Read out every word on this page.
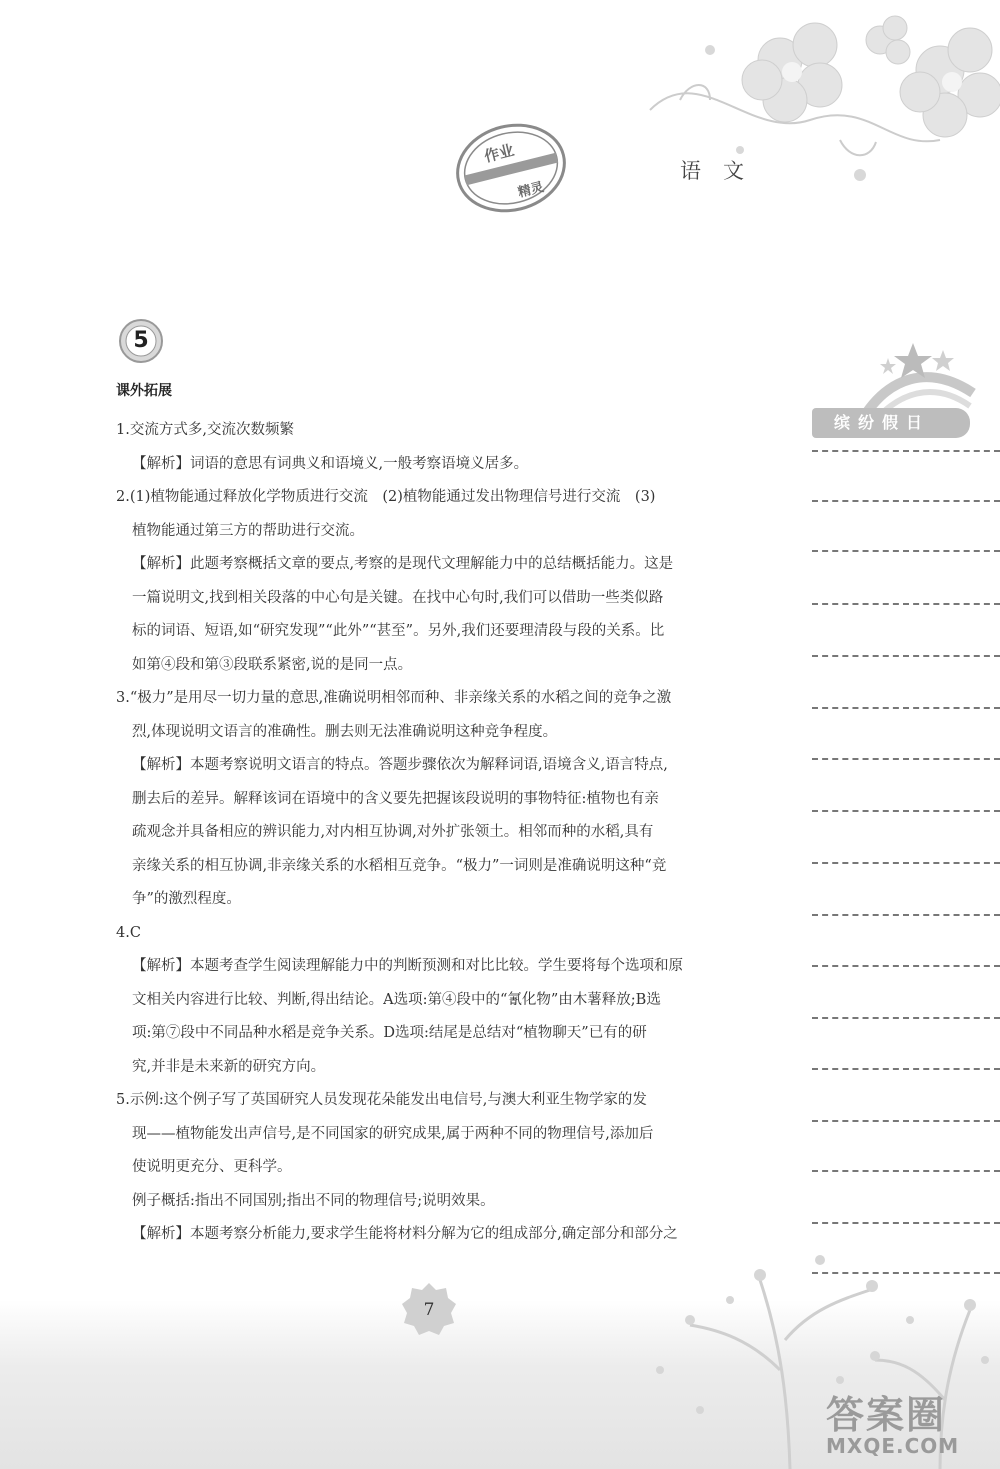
作业
精灵
语文
5

课外拓展

1.交流方式多,交流次数频繁

【解析】词语的意思有词典义和语境义,一般考察语境义居多。

2.(1)植物能通过释放化学物质进行交流　(2)植物能通过发出物理信号进行交流　(3)

植物能通过第三方的帮助进行交流。

【解析】此题考察概括文章的要点,考察的是现代文理解能力中的总结概括能力。这是

一篇说明文,找到相关段落的中心句是关键。在找中心句时,我们可以借助一些类似路

标的词语、短语,如“研究发现”“此外”“甚至”。另外,我们还要理清段与段的关系。比

如第④段和第③段联系紧密,说的是同一点。

3.“极力”是用尽一切力量的意思,准确说明相邻而种、非亲缘关系的水稻之间的竞争之激

烈,体现说明文语言的准确性。删去则无法准确说明这种竞争程度。

【解析】本题考察说明文语言的特点。答题步骤依次为解释词语,语境含义,语言特点,

删去后的差异。解释该词在语境中的含义要先把握该段说明的事物特征:植物也有亲

疏观念并具备相应的辨识能力,对内相互协调,对外扩张领土。相邻而种的水稻,具有

亲缘关系的相互协调,非亲缘关系的水稻相互竞争。“极力”一词则是准确说明这种“竞

争”的激烈程度。

4.C

【解析】本题考查学生阅读理解能力中的判断预测和对比比较。学生要将每个选项和原

文相关内容进行比较、判断,得出结论。A选项:第④段中的“氰化物”由木薯释放;B选

项:第⑦段中不同品种水稻是竞争关系。D选项:结尾是总结对“植物聊天”已有的研

究,并非是未来新的研究方向。

5.示例:这个例子写了英国研究人员发现花朵能发出电信号,与澳大利亚生物学家的发

现——植物能发出声信号,是不同国家的研究成果,属于两种不同的物理信号,添加后

使说明更充分、更科学。

例子概括:指出不同国别;指出不同的物理信号;说明效果。

【解析】本题考察分析能力,要求学生能将材料分解为它的组成部分,确定部分和部分之

缤纷假日
7
答案圈
MXQE.COM
